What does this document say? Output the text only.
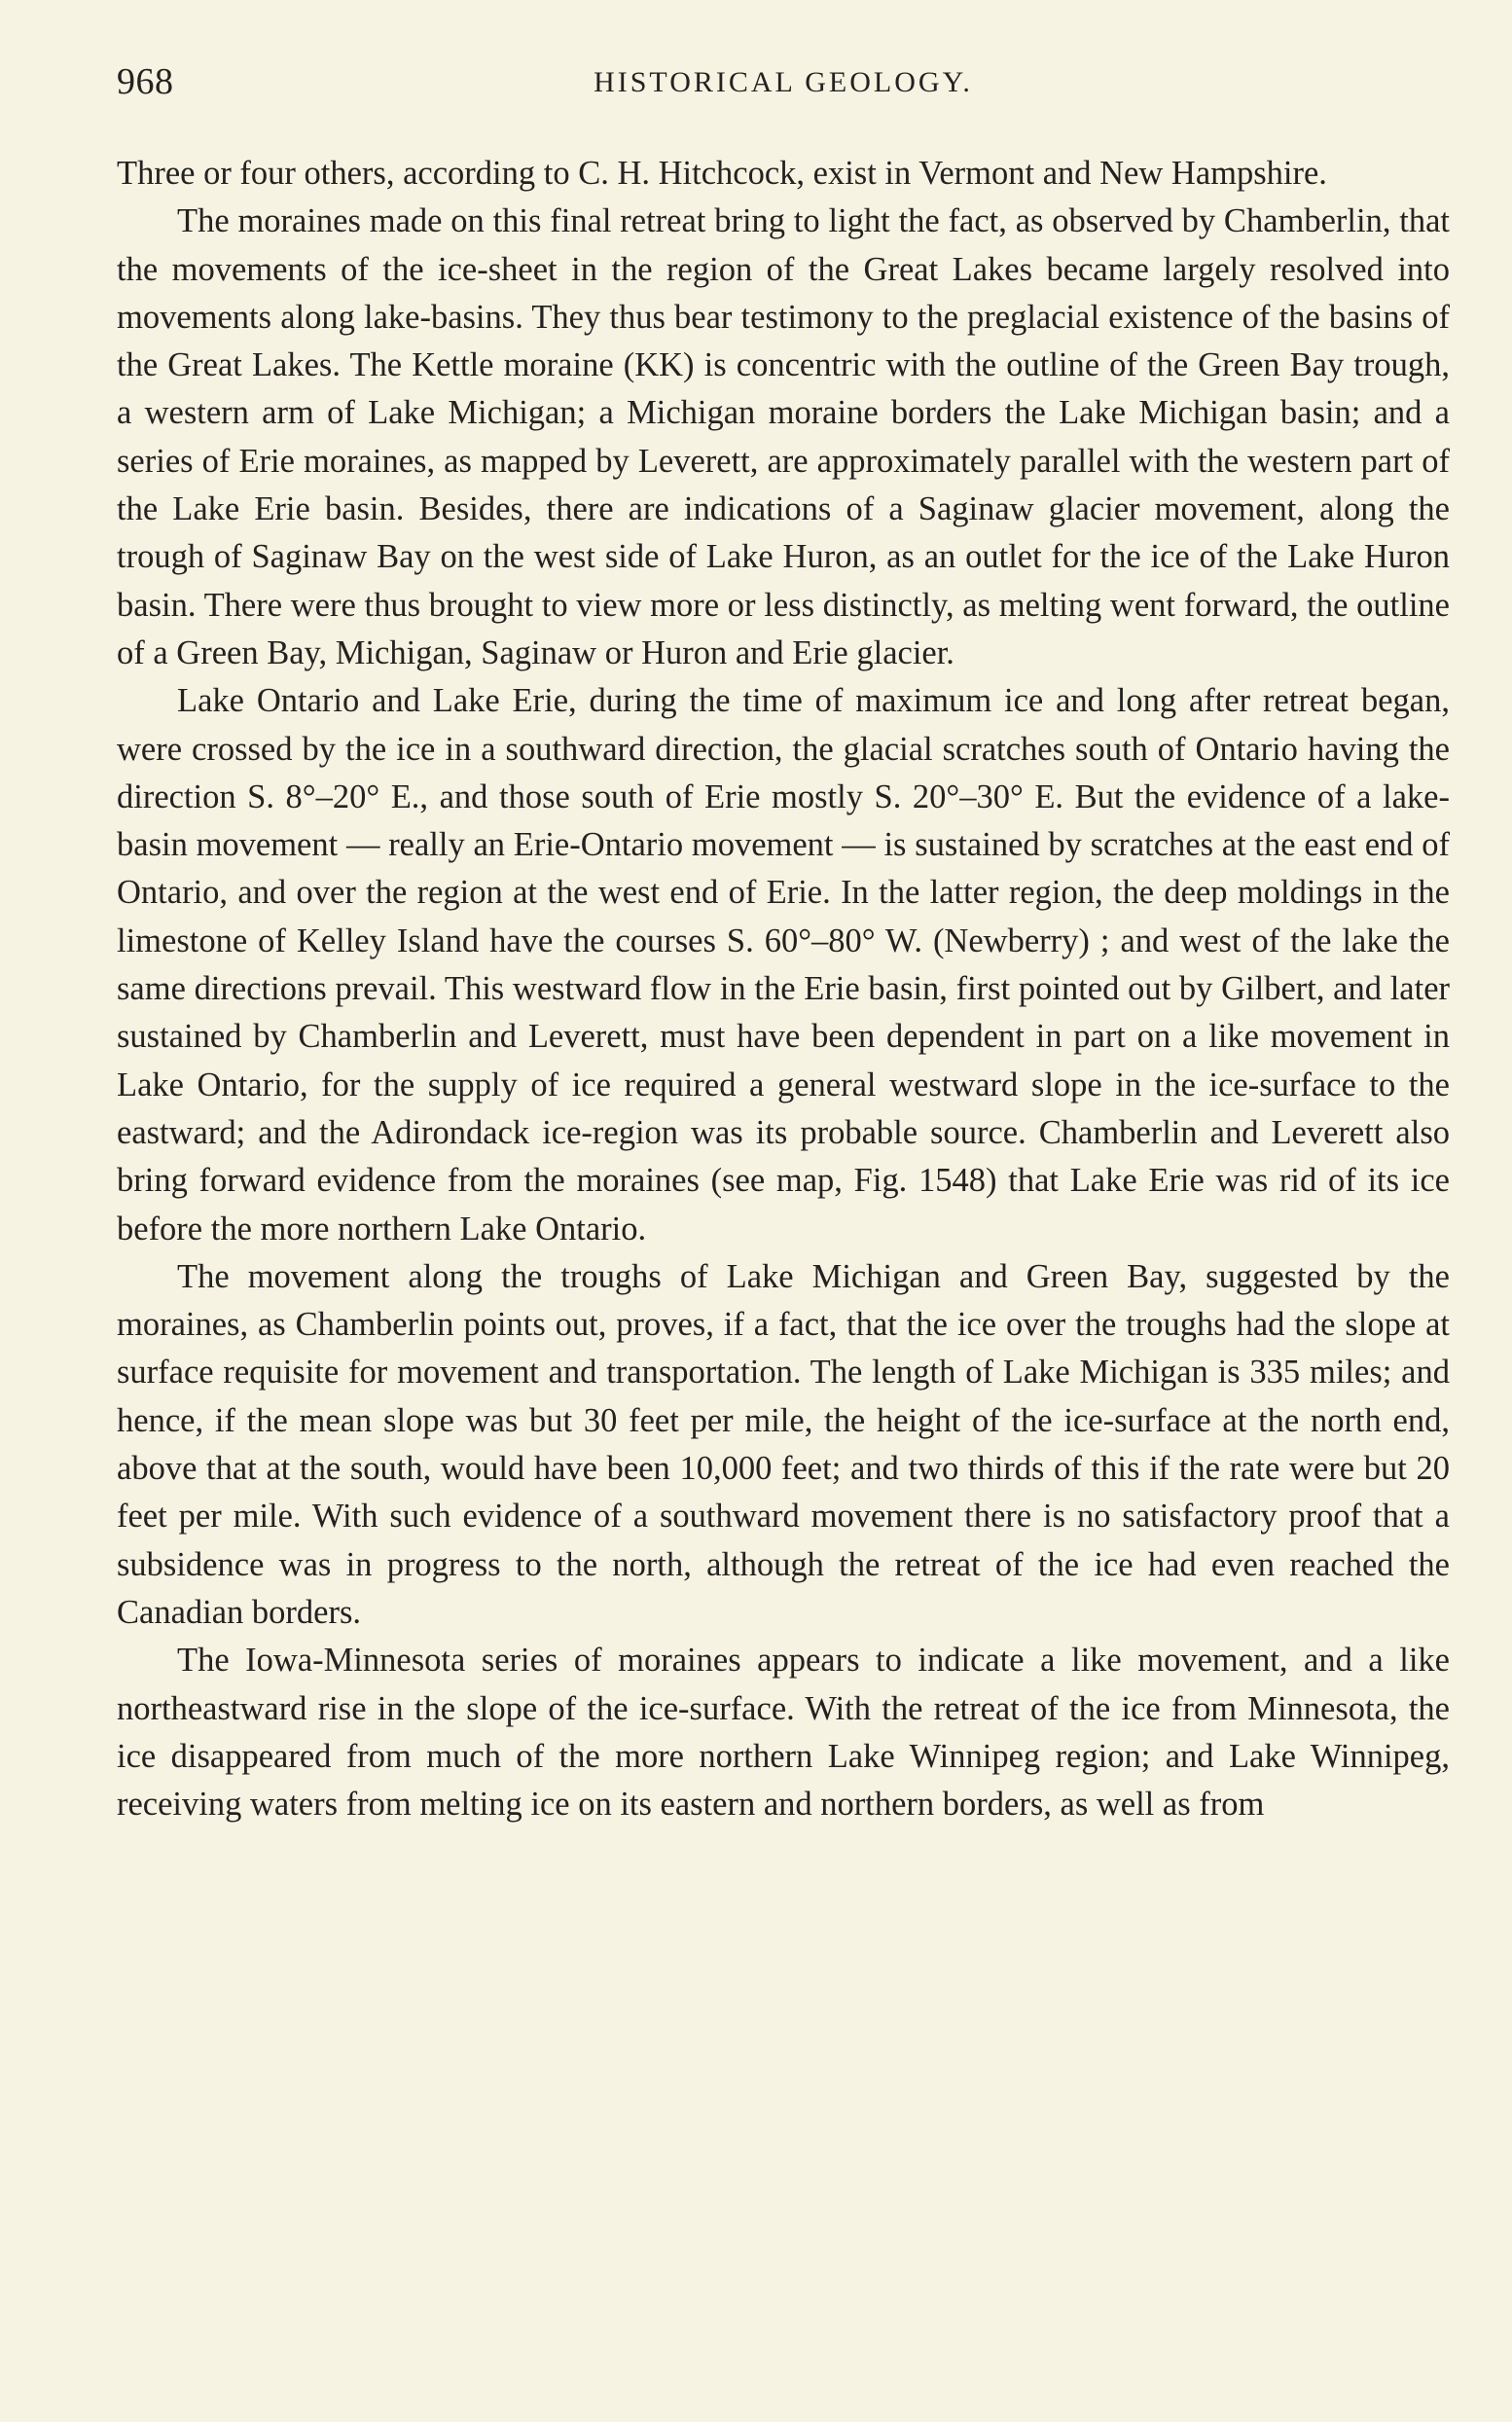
968	HISTORICAL GEOLOGY.

Three or four others, according to C. H. Hitchcock, exist in Vermont and New Hampshire.

The moraines made on this final retreat bring to light the fact, as observed by Chamberlin, that the movements of the ice-sheet in the region of the Great Lakes became largely resolved into movements along lake-basins. They thus bear testimony to the preglacial existence of the basins of the Great Lakes. The Kettle moraine (KK) is concentric with the outline of the Green Bay trough, a western arm of Lake Michigan; a Michigan moraine borders the Lake Michigan basin; and a series of Erie moraines, as mapped by Leverett, are approximately parallel with the western part of the Lake Erie basin. Besides, there are indications of a Saginaw glacier movement, along the trough of Saginaw Bay on the west side of Lake Huron, as an outlet for the ice of the Lake Huron basin. There were thus brought to view more or less distinctly, as melting went forward, the outline of a Green Bay, Michigan, Saginaw or Huron and Erie glacier.

Lake Ontario and Lake Erie, during the time of maximum ice and long after retreat began, were crossed by the ice in a southward direction, the glacial scratches south of Ontario having the direction S. 8°–20° E., and those south of Erie mostly S. 20°–30° E. But the evidence of a lake-basin movement — really an Erie-Ontario movement — is sustained by scratches at the east end of Ontario, and over the region at the west end of Erie. In the latter region, the deep moldings in the limestone of Kelley Island have the courses S. 60°–80° W. (Newberry) ; and west of the lake the same directions prevail. This westward flow in the Erie basin, first pointed out by Gilbert, and later sustained by Chamberlin and Leverett, must have been dependent in part on a like movement in Lake Ontario, for the supply of ice required a general westward slope in the ice-surface to the eastward; and the Adirondack ice-region was its probable source. Chamberlin and Leverett also bring forward evidence from the moraines (see map, Fig. 1548) that Lake Erie was rid of its ice before the more northern Lake Ontario.

The movement along the troughs of Lake Michigan and Green Bay, suggested by the moraines, as Chamberlin points out, proves, if a fact, that the ice over the troughs had the slope at surface requisite for movement and transportation. The length of Lake Michigan is 335 miles; and hence, if the mean slope was but 30 feet per mile, the height of the ice-surface at the north end, above that at the south, would have been 10,000 feet; and two thirds of this if the rate were but 20 feet per mile. With such evidence of a southward movement there is no satisfactory proof that a subsidence was in progress to the north, although the retreat of the ice had even reached the Canadian borders.

The Iowa-Minnesota series of moraines appears to indicate a like movement, and a like northeastward rise in the slope of the ice-surface. With the retreat of the ice from Minnesota, the ice disappeared from much of the more northern Lake Winnipeg region; and Lake Winnipeg, receiving waters from melting ice on its eastern and northern borders, as well as from
